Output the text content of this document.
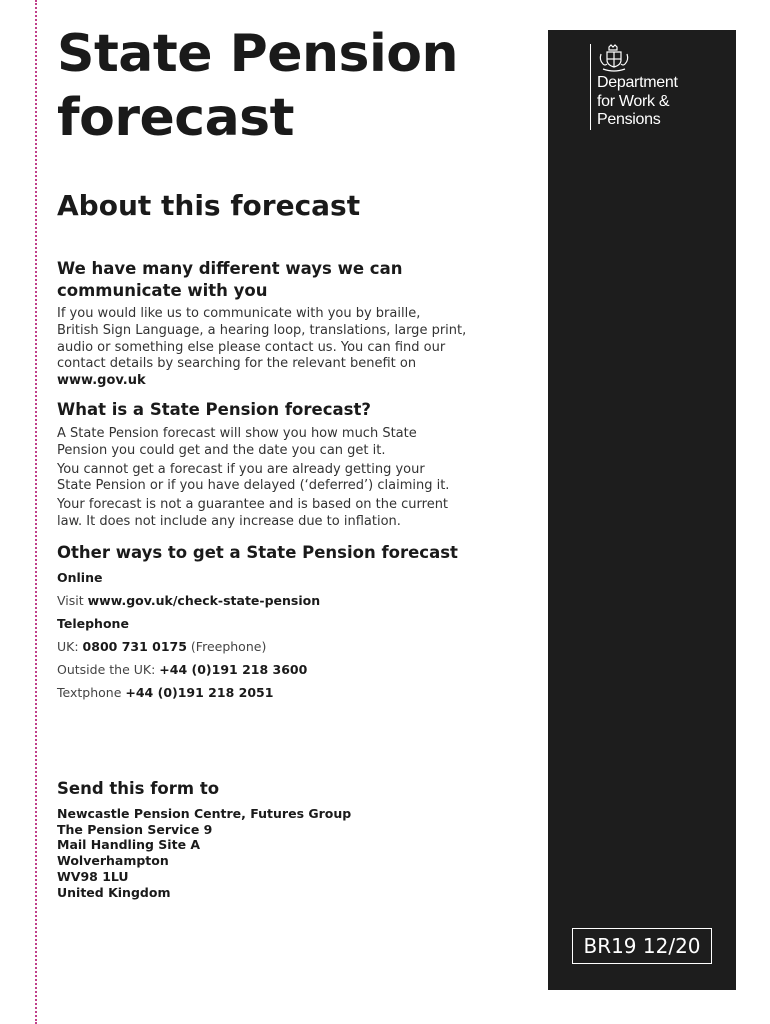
State Pension
forecast
About this forecast
We have many different ways we can
communicate with you

If you would like us to communicate with you by braille,
British Sign Language, a hearing loop, translations, large print,
audio or something else please contact us. You can find our
contact details by searching for the relevant benefit on
www.gov.uk

What is a State Pension forecast?

A State Pension forecast will show you how much State
Pension you could get and the date you can get it.

You cannot get a forecast if you are already getting your
State Pension or if you have delayed (‘deferred’) claiming it.

Your forecast is not a guarantee and is based on the current
law. It does not include any increase due to inflation.

Other ways to get a State Pension forecast

Online

Visit www.gov.uk/check-state-pension

Telephone

UK: 0800 731 0175 (Freephone)

Outside the UK: +44 (0)191 218 3600

Textphone +44 (0)191 218 2051

Send this form to

Newcastle Pension Centre, Futures Group

The Pension Service 9

Mail Handling Site A

Wolverhampton

WV98 1LU

United Kingdom

Department
for Work &
Pensions
BR19 12/20
